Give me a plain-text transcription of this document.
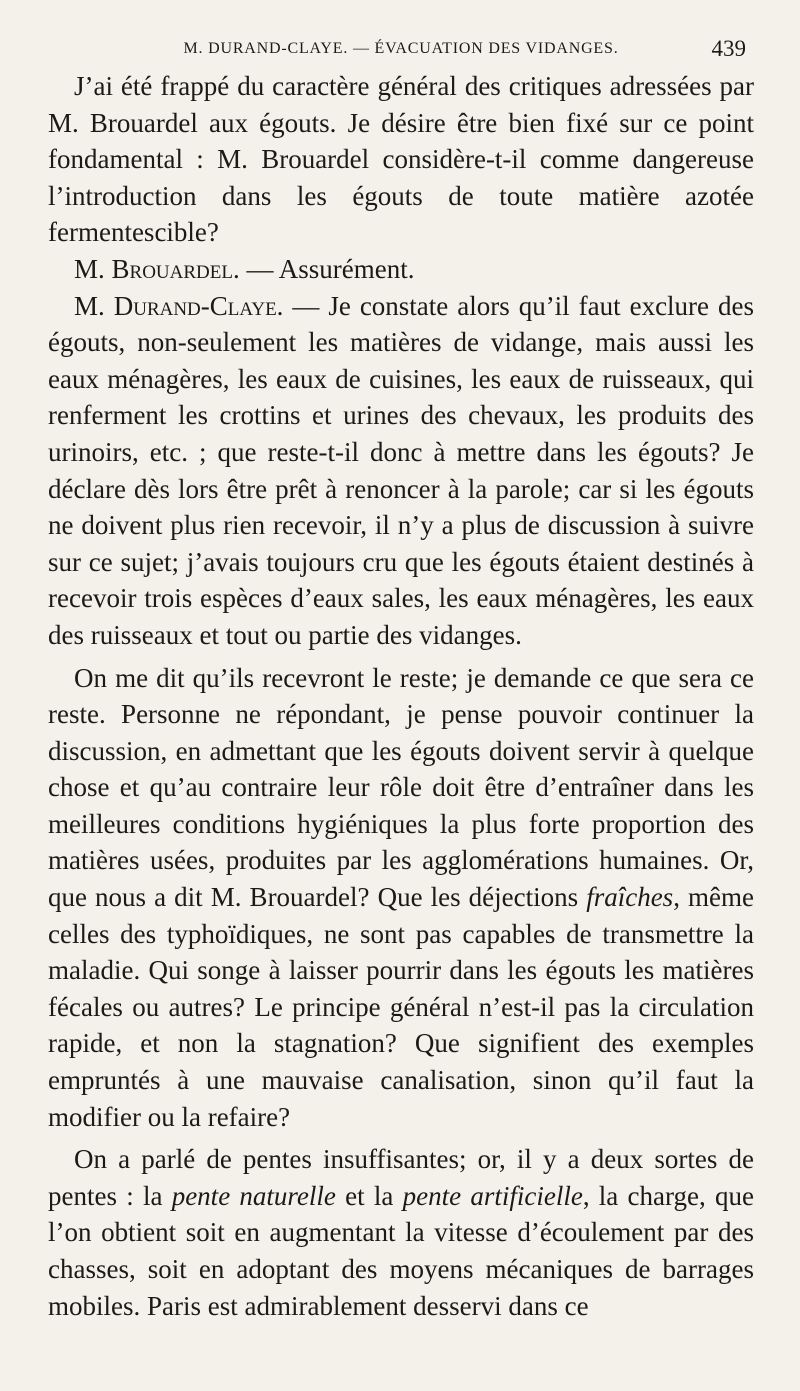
M. DURAND-CLAYE. — ÉVACUATION DES VIDANGES.	439

J’ai été frappé du caractère général des critiques adressées par M. Brouardel aux égouts. Je désire être bien fixé sur ce point fondamental : M. Brouardel considère-t-il comme dangereuse l’introduction dans les égouts de toute matière azotée fermentescible?

M. Brouardel. — Assurément.

M. Durand-Claye. — Je constate alors qu’il faut exclure des égouts, non-seulement les matières de vidange, mais aussi les eaux ménagères, les eaux de cuisines, les eaux de ruisseaux, qui renferment les crottins et urines des chevaux, les produits des urinoirs, etc. ; que reste-t-il donc à mettre dans les égouts? Je déclare dès lors être prêt à renoncer à la parole; car si les égouts ne doivent plus rien recevoir, il n’y a plus de discussion à suivre sur ce sujet; j’avais toujours cru que les égouts étaient destinés à recevoir trois espèces d’eaux sales, les eaux ménagères, les eaux des ruisseaux et tout ou partie des vidanges.

On me dit qu’ils recevront le reste; je demande ce que sera ce reste. Personne ne répondant, je pense pouvoir continuer la discussion, en admettant que les égouts doivent servir à quelque chose et qu’au contraire leur rôle doit être d’entraîner dans les meilleures conditions hygiéniques la plus forte proportion des matières usées, produites par les agglomérations humaines. Or, que nous a dit M. Brouardel? Que les déjections fraîches, même celles des typhoïdiques, ne sont pas capables de transmettre la maladie. Qui songe à laisser pourrir dans les égouts les matières fécales ou autres? Le principe général n’est-il pas la circulation rapide, et non la stagnation? Que signifient des exemples empruntés à une mauvaise canalisation, sinon qu’il faut la modifier ou la refaire?

On a parlé de pentes insuffisantes; or, il y a deux sortes de pentes : la pente naturelle et la pente artificielle, la charge, que l’on obtient soit en augmentant la vitesse d’écoulement par des chasses, soit en adoptant des moyens mécaniques de barrages mobiles. Paris est admirablement desservi dans ce
